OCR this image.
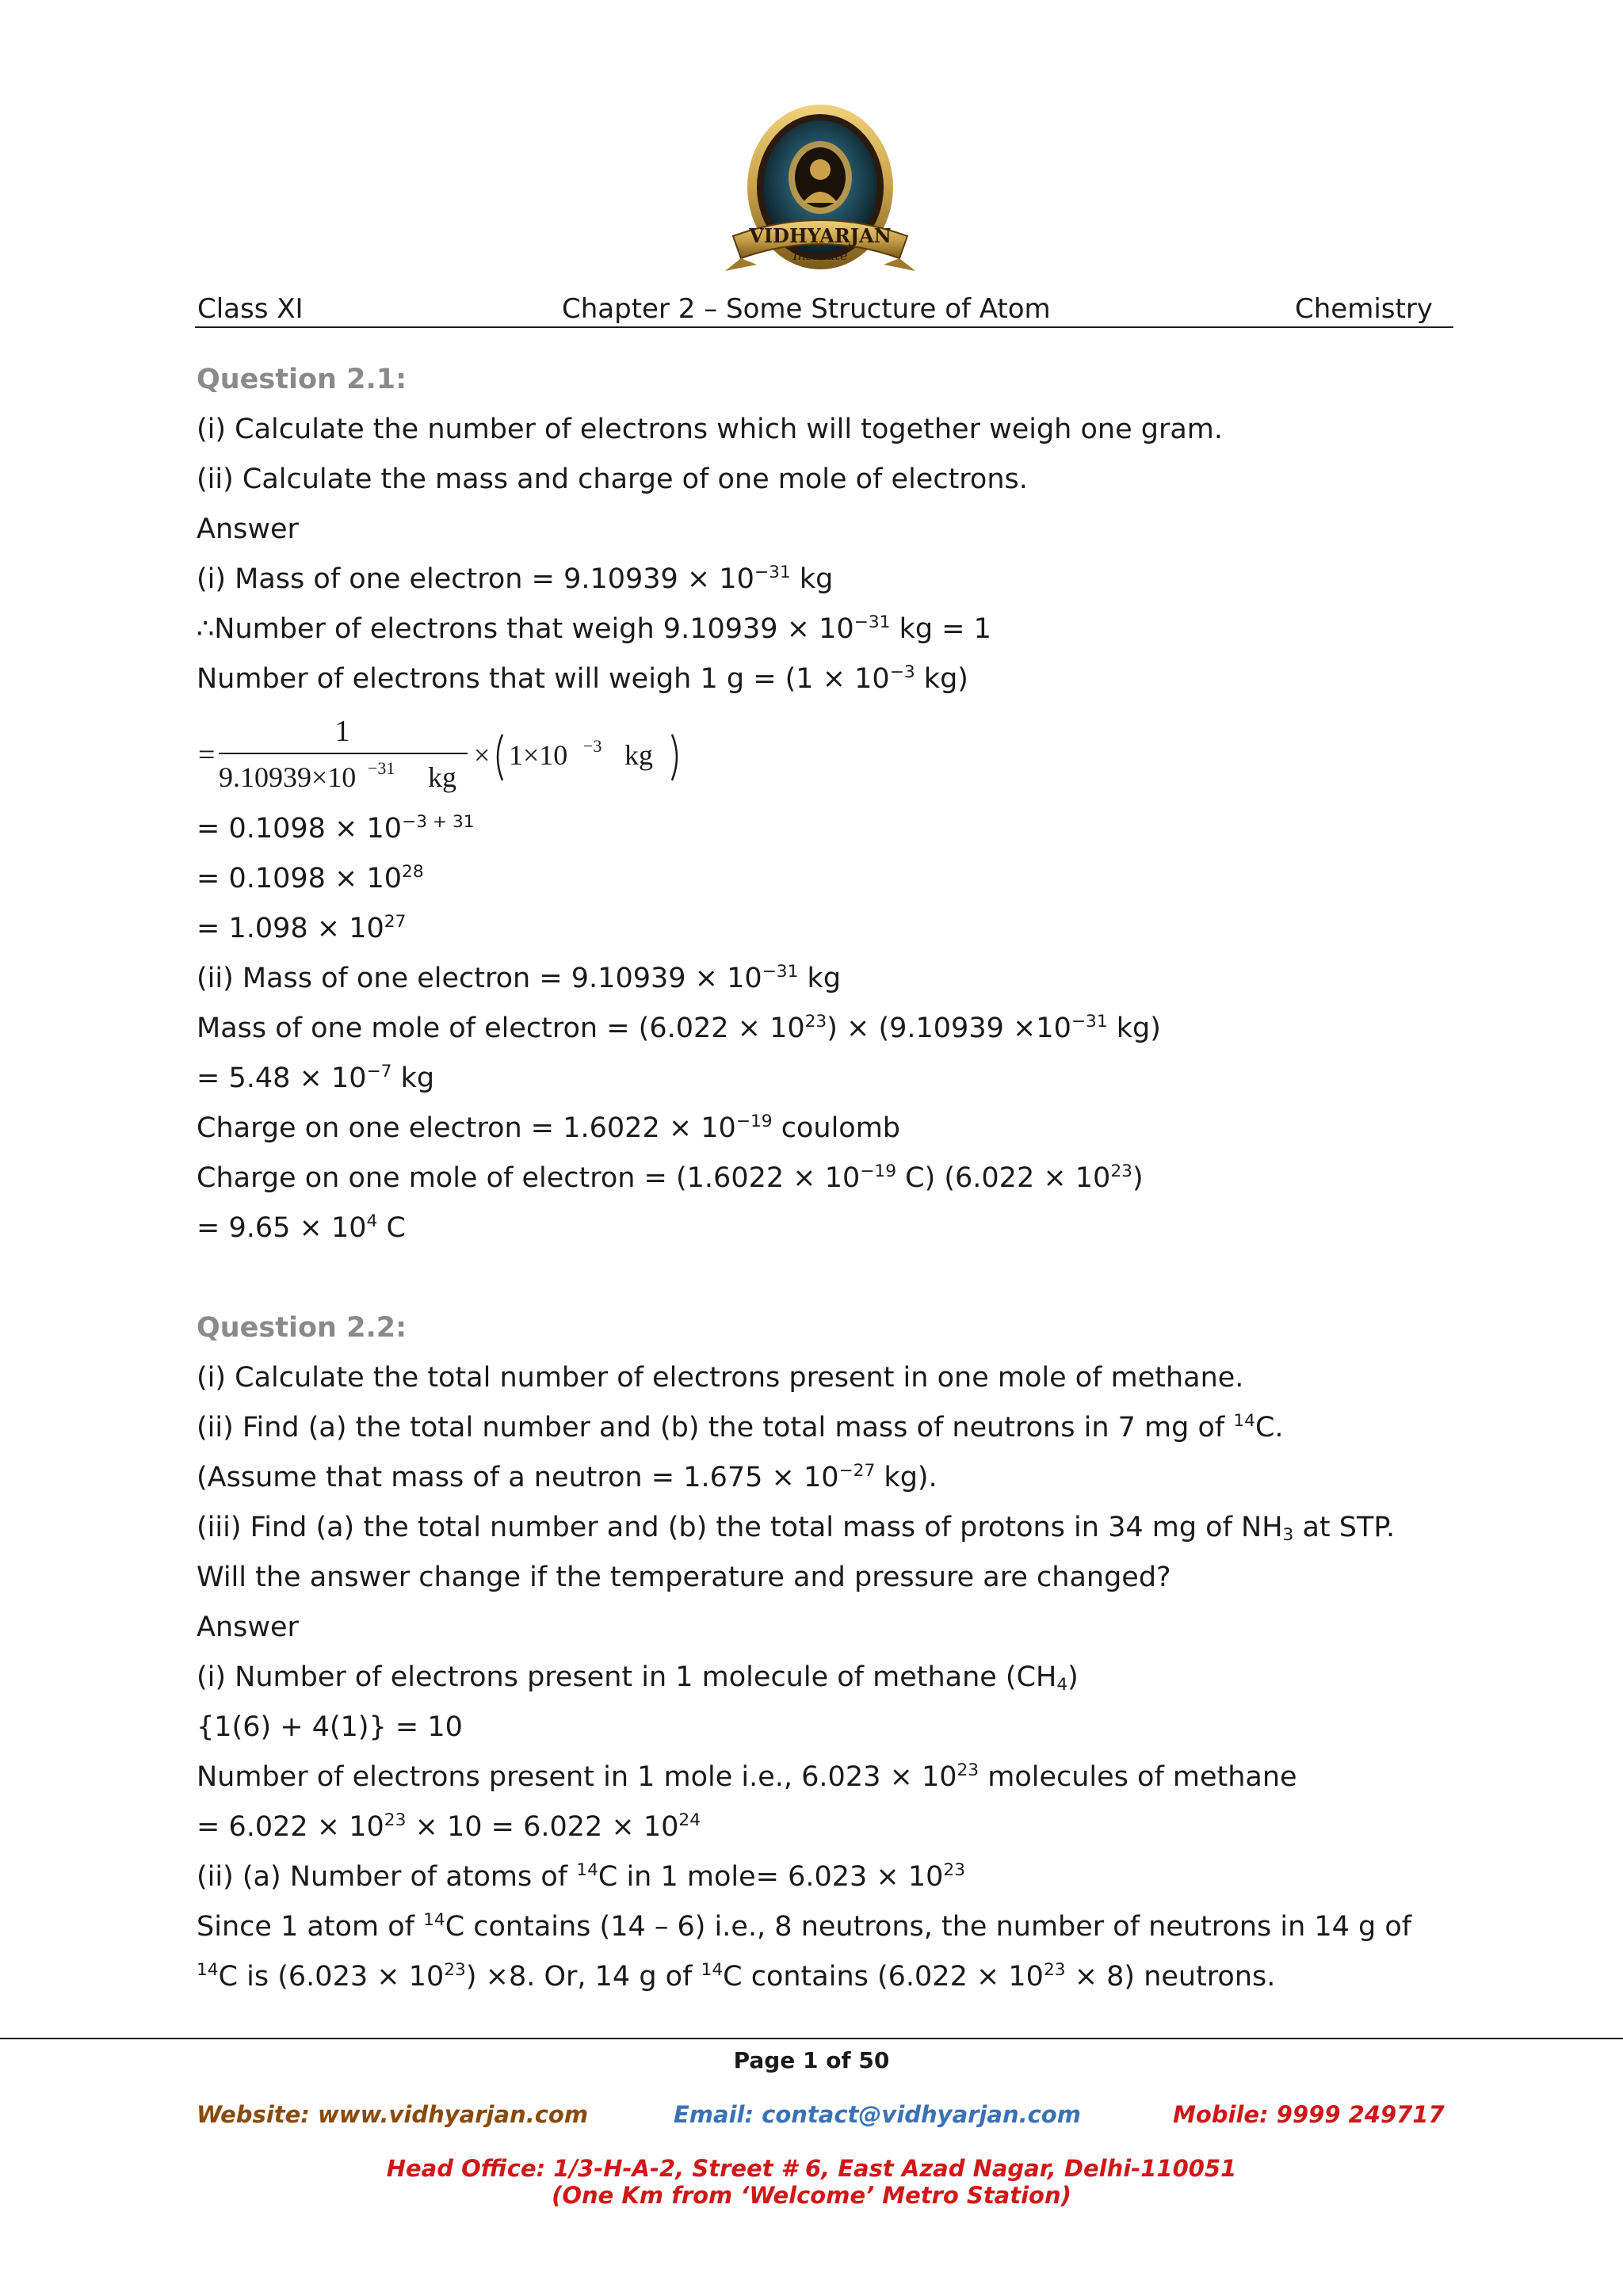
VIDHYARJAN
Institute
Class XI	Chapter 2 – Some Structure of Atom	Chemistry
Question 2.1:
(i) Calculate the number of electrons which will together weigh one gram.
(ii) Calculate the mass and charge of one mole of electrons.
Answer
(i) Mass of one electron = $9.10939 \times 10^{-31}$ kg
∴Number of electrons that weigh $9.10939 \times 10^{-31}$ kg = 1
Number of electrons that will weigh 1 $g = (1 \times 10^{-3}$ kg)
=
1
9.10939×10 −31 kg
× 1×10 −3 kg
= $0.1098 \times 10^{-3 + 31}$
= $0.1098 \times 10^{28}$
= $1.098 \times 10^{27}$
(ii) Mass of one electron = $9.10939 \times 10^{-31}$ kg
Mass of one mole of electron = $(6.022 \times 10^{23}) \times (9.10939 \times 10^{-31}$ kg)
= $5.48 \times 10^{-7}$ kg
Charge on one electron = $1.6022 \times 10^{-19}$ coulomb
Charge on one mole of electron = ($1.6022 \times 10^{-19}$ C) $(6.022 \times 10^{23})$
= $9.65 \times 10^4$ C
Question 2.2:
(i) Calculate the total number of electrons present in one mole of methane.
(ii) Find (a) the total number and (b) the total mass of neutrons in 7 mg of $^{14}$C.
(Assume that mass of a neutron = $1.675 \times 10^{-27}$ kg).
(iii) Find (a) the total number and (b) the total mass of protons in 34 mg of $NH_3$ at STP.
Will the answer change if the temperature and pressure are changed?
Answer
(i) Number of electrons present in 1 molecule of methane $(CH_4)$
{1(6) + 4(1)} = 10
Number of electrons present in 1 mole i.e., $6.023 \times 10^{23}$ molecules of methane
= $6.022 \times 10^{23} \times 10 = 6.022 \times 10^{24}$
(ii) (a) Number of atoms of $^{14}$C in 1 mole= $6.023 \times 10^{23}$
Since 1 atom of $^{14}$C contains (14 – 6) i.e., 8 neutrons, the number of neutrons in 14 g of
$^{14}$C is $(6.023 \times 10^{23}) \times 8$. Or, 14 g of $^{14}$C contains $(6.022 \times 10^{23} \times 8)$ neutrons.
Page 1 of 50
Website: www.vidhyarjan.com	Email: contact@vidhyarjan.com	Mobile: 9999 249717
Head Office: 1/3-H-A-2, Street # 6, East Azad Nagar, Delhi-110051
(One Km from ‘Welcome’ Metro Station)
